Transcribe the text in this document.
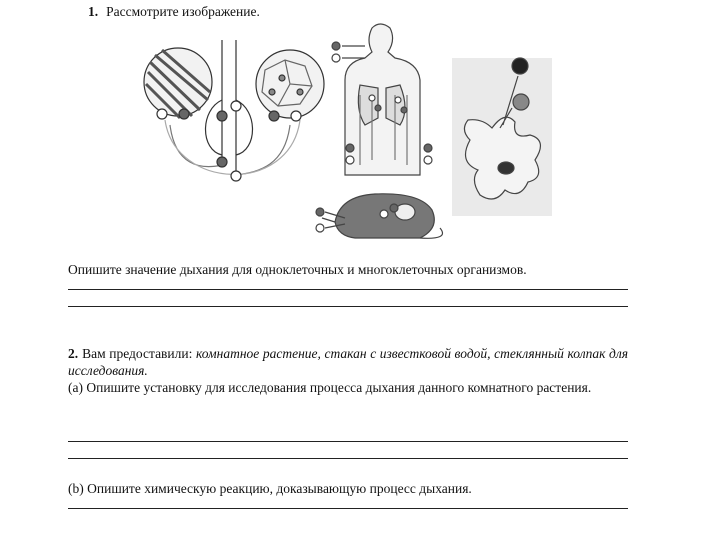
1. Рассмотрите изображение.
Опишите значение дыхания для одноклеточных и многоклеточных организмов.
2. Вам предоставили: комнатное растение, стакан с известковой водой, стеклянный колпак для исследования.
(а) Опишите установку для исследования процесса дыхания данного комнатного растения.
(b) Опишите химическую реакцию, доказывающую процесс дыхания.
